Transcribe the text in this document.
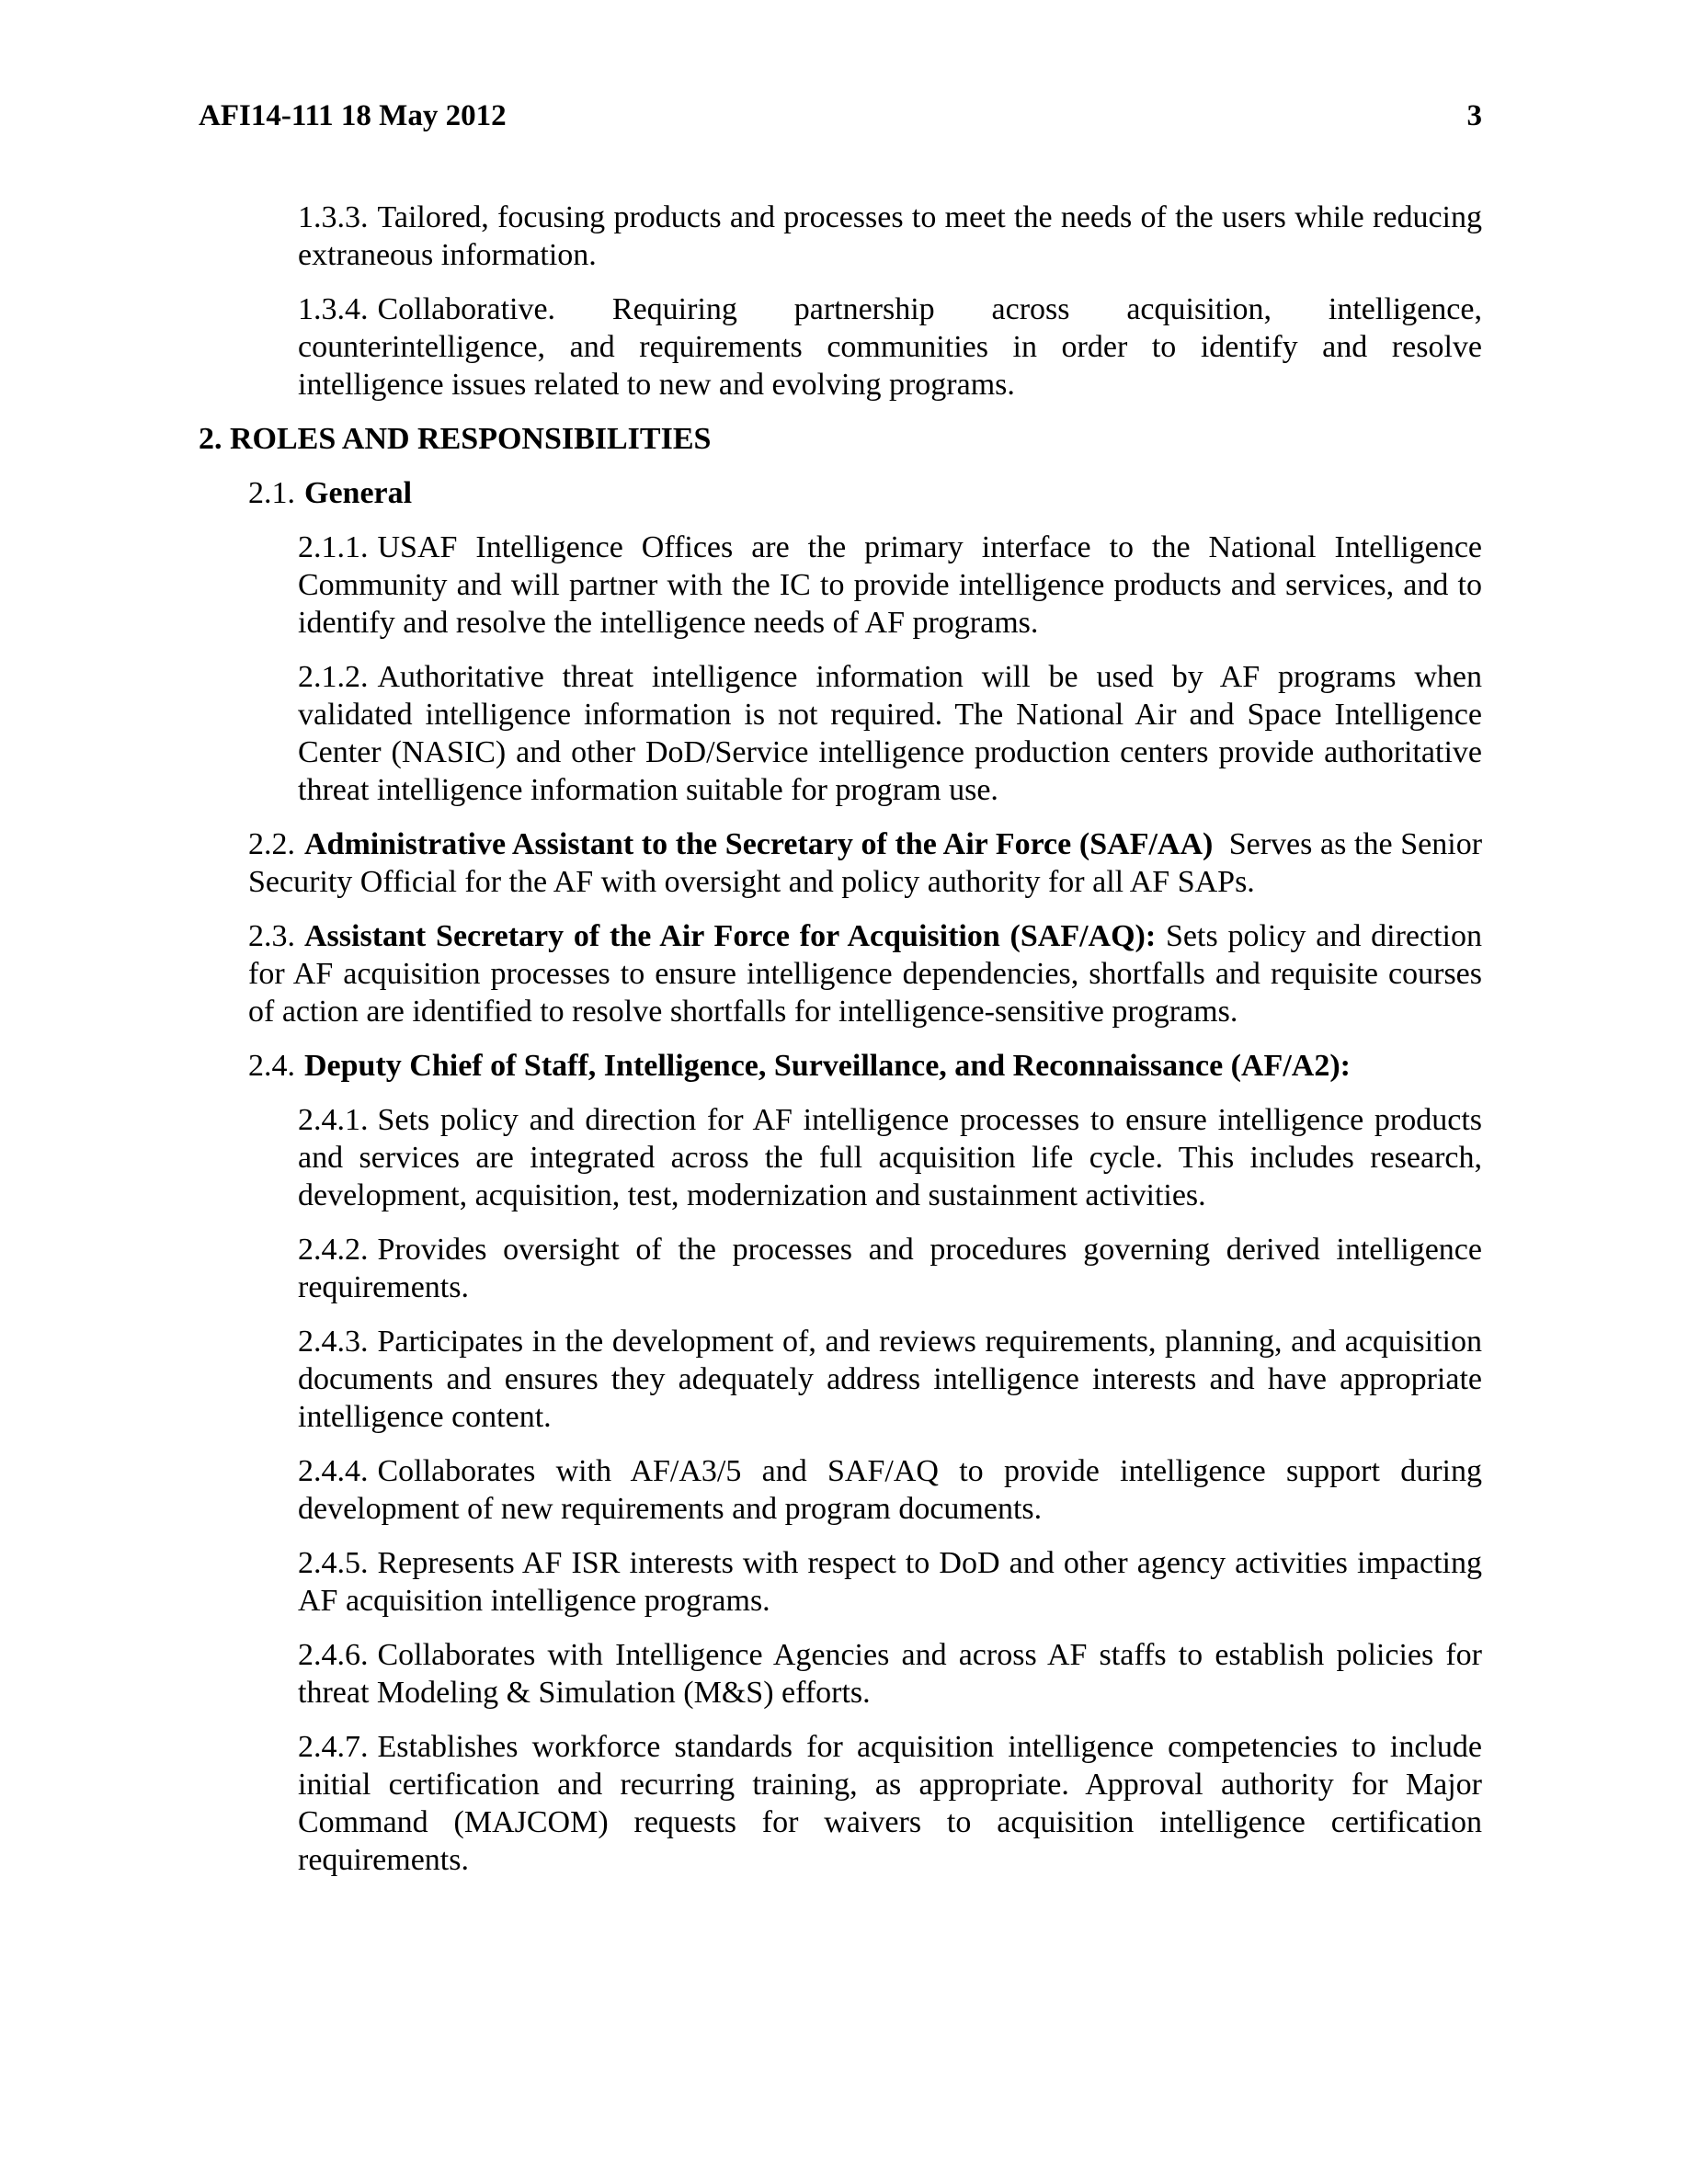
AFI14-111 18 May 2012	3

1.3.3. Tailored, focusing products and processes to meet the needs of the users while reducing extraneous information.

1.3.4. Collaborative. Requiring partnership across acquisition, intelligence, counterintelligence, and requirements communities in order to identify and resolve intelligence issues related to new and evolving programs.

2. ROLES AND RESPONSIBILITIES

2.1. General

2.1.1. USAF Intelligence Offices are the primary interface to the National Intelligence Community and will partner with the IC to provide intelligence products and services, and to identify and resolve the intelligence needs of AF programs.

2.1.2. Authoritative threat intelligence information will be used by AF programs when validated intelligence information is not required. The National Air and Space Intelligence Center (NASIC) and other DoD/Service intelligence production centers provide authoritative threat intelligence information suitable for program use.

2.2. Administrative Assistant to the Secretary of the Air Force (SAF/AA) Serves as the Senior Security Official for the AF with oversight and policy authority for all AF SAPs.

2.3. Assistant Secretary of the Air Force for Acquisition (SAF/AQ): Sets policy and direction for AF acquisition processes to ensure intelligence dependencies, shortfalls and requisite courses of action are identified to resolve shortfalls for intelligence-sensitive programs.

2.4. Deputy Chief of Staff, Intelligence, Surveillance, and Reconnaissance (AF/A2):

2.4.1. Sets policy and direction for AF intelligence processes to ensure intelligence products and services are integrated across the full acquisition life cycle. This includes research, development, acquisition, test, modernization and sustainment activities.

2.4.2. Provides oversight of the processes and procedures governing derived intelligence requirements.

2.4.3. Participates in the development of, and reviews requirements, planning, and acquisition documents and ensures they adequately address intelligence interests and have appropriate intelligence content.

2.4.4. Collaborates with AF/A3/5 and SAF/AQ to provide intelligence support during development of new requirements and program documents.

2.4.5. Represents AF ISR interests with respect to DoD and other agency activities impacting AF acquisition intelligence programs.

2.4.6. Collaborates with Intelligence Agencies and across AF staffs to establish policies for threat Modeling & Simulation (M&S) efforts.

2.4.7. Establishes workforce standards for acquisition intelligence competencies to include initial certification and recurring training, as appropriate. Approval authority for Major Command (MAJCOM) requests for waivers to acquisition intelligence certification requirements.
